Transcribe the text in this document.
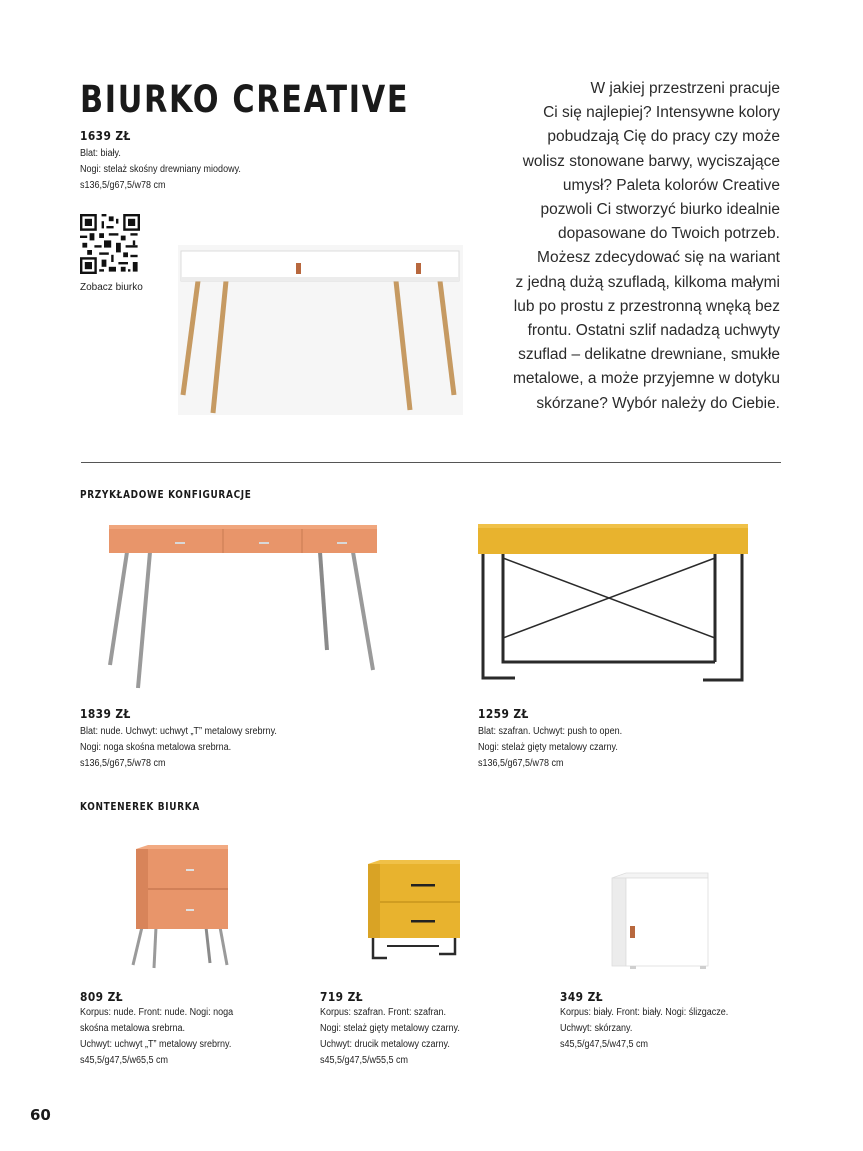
BIURKO CREATIVE
1639 ZŁ
Blat: biały.
Nogi: stelaż skośny drewniany miodowy.
s136,5/g67,5/w78 cm
Zobacz biurko
W jakiej przestrzeni pracuje
Ci się najlepiej? Intensywne kolory
pobudzają Cię do pracy czy może
wolisz stonowane barwy, wyciszające
umysł? Paleta kolorów Creative
pozwoli Ci stworzyć biurko idealnie
dopasowane do Twoich potrzeb.
Możesz zdecydować się na wariant
z jedną dużą szufladą, kilkoma małymi
lub po prostu z przestronną wnęką bez
frontu. Ostatni szlif nadadzą uchwyty
szuflad – delikatne drewniane, smukłe
metalowe, a może przyjemne w dotyku
skórzane? Wybór należy do Ciebie.
PRZYKŁADOWE KONFIGURACJE
1839 ZŁ
Blat: nude. Uchwyt: uchwyt „T” metalowy srebrny.
Nogi: noga skośna metalowa srebrna.
s136,5/g67,5/w78 cm
1259 ZŁ
Blat: szafran. Uchwyt: push to open.
Nogi: stelaż gięty metalowy czarny.
s136,5/g67,5/w78 cm
KONTENEREK BIURKA
809 ZŁ
Korpus: nude. Front: nude. Nogi: noga
skośna metalowa srebrna.
Uchwyt: uchwyt „T” metalowy srebrny.
s45,5/g47,5/w65,5 cm
719 ZŁ
Korpus: szafran. Front: szafran.
Nogi: stelaż gięty metalowy czarny.
Uchwyt: drucik metalowy czarny.
s45,5/g47,5/w55,5 cm
349 ZŁ
Korpus: biały. Front: biały. Nogi: ślizgacze.
Uchwyt: skórzany.
s45,5/g47,5/w47,5 cm
60
